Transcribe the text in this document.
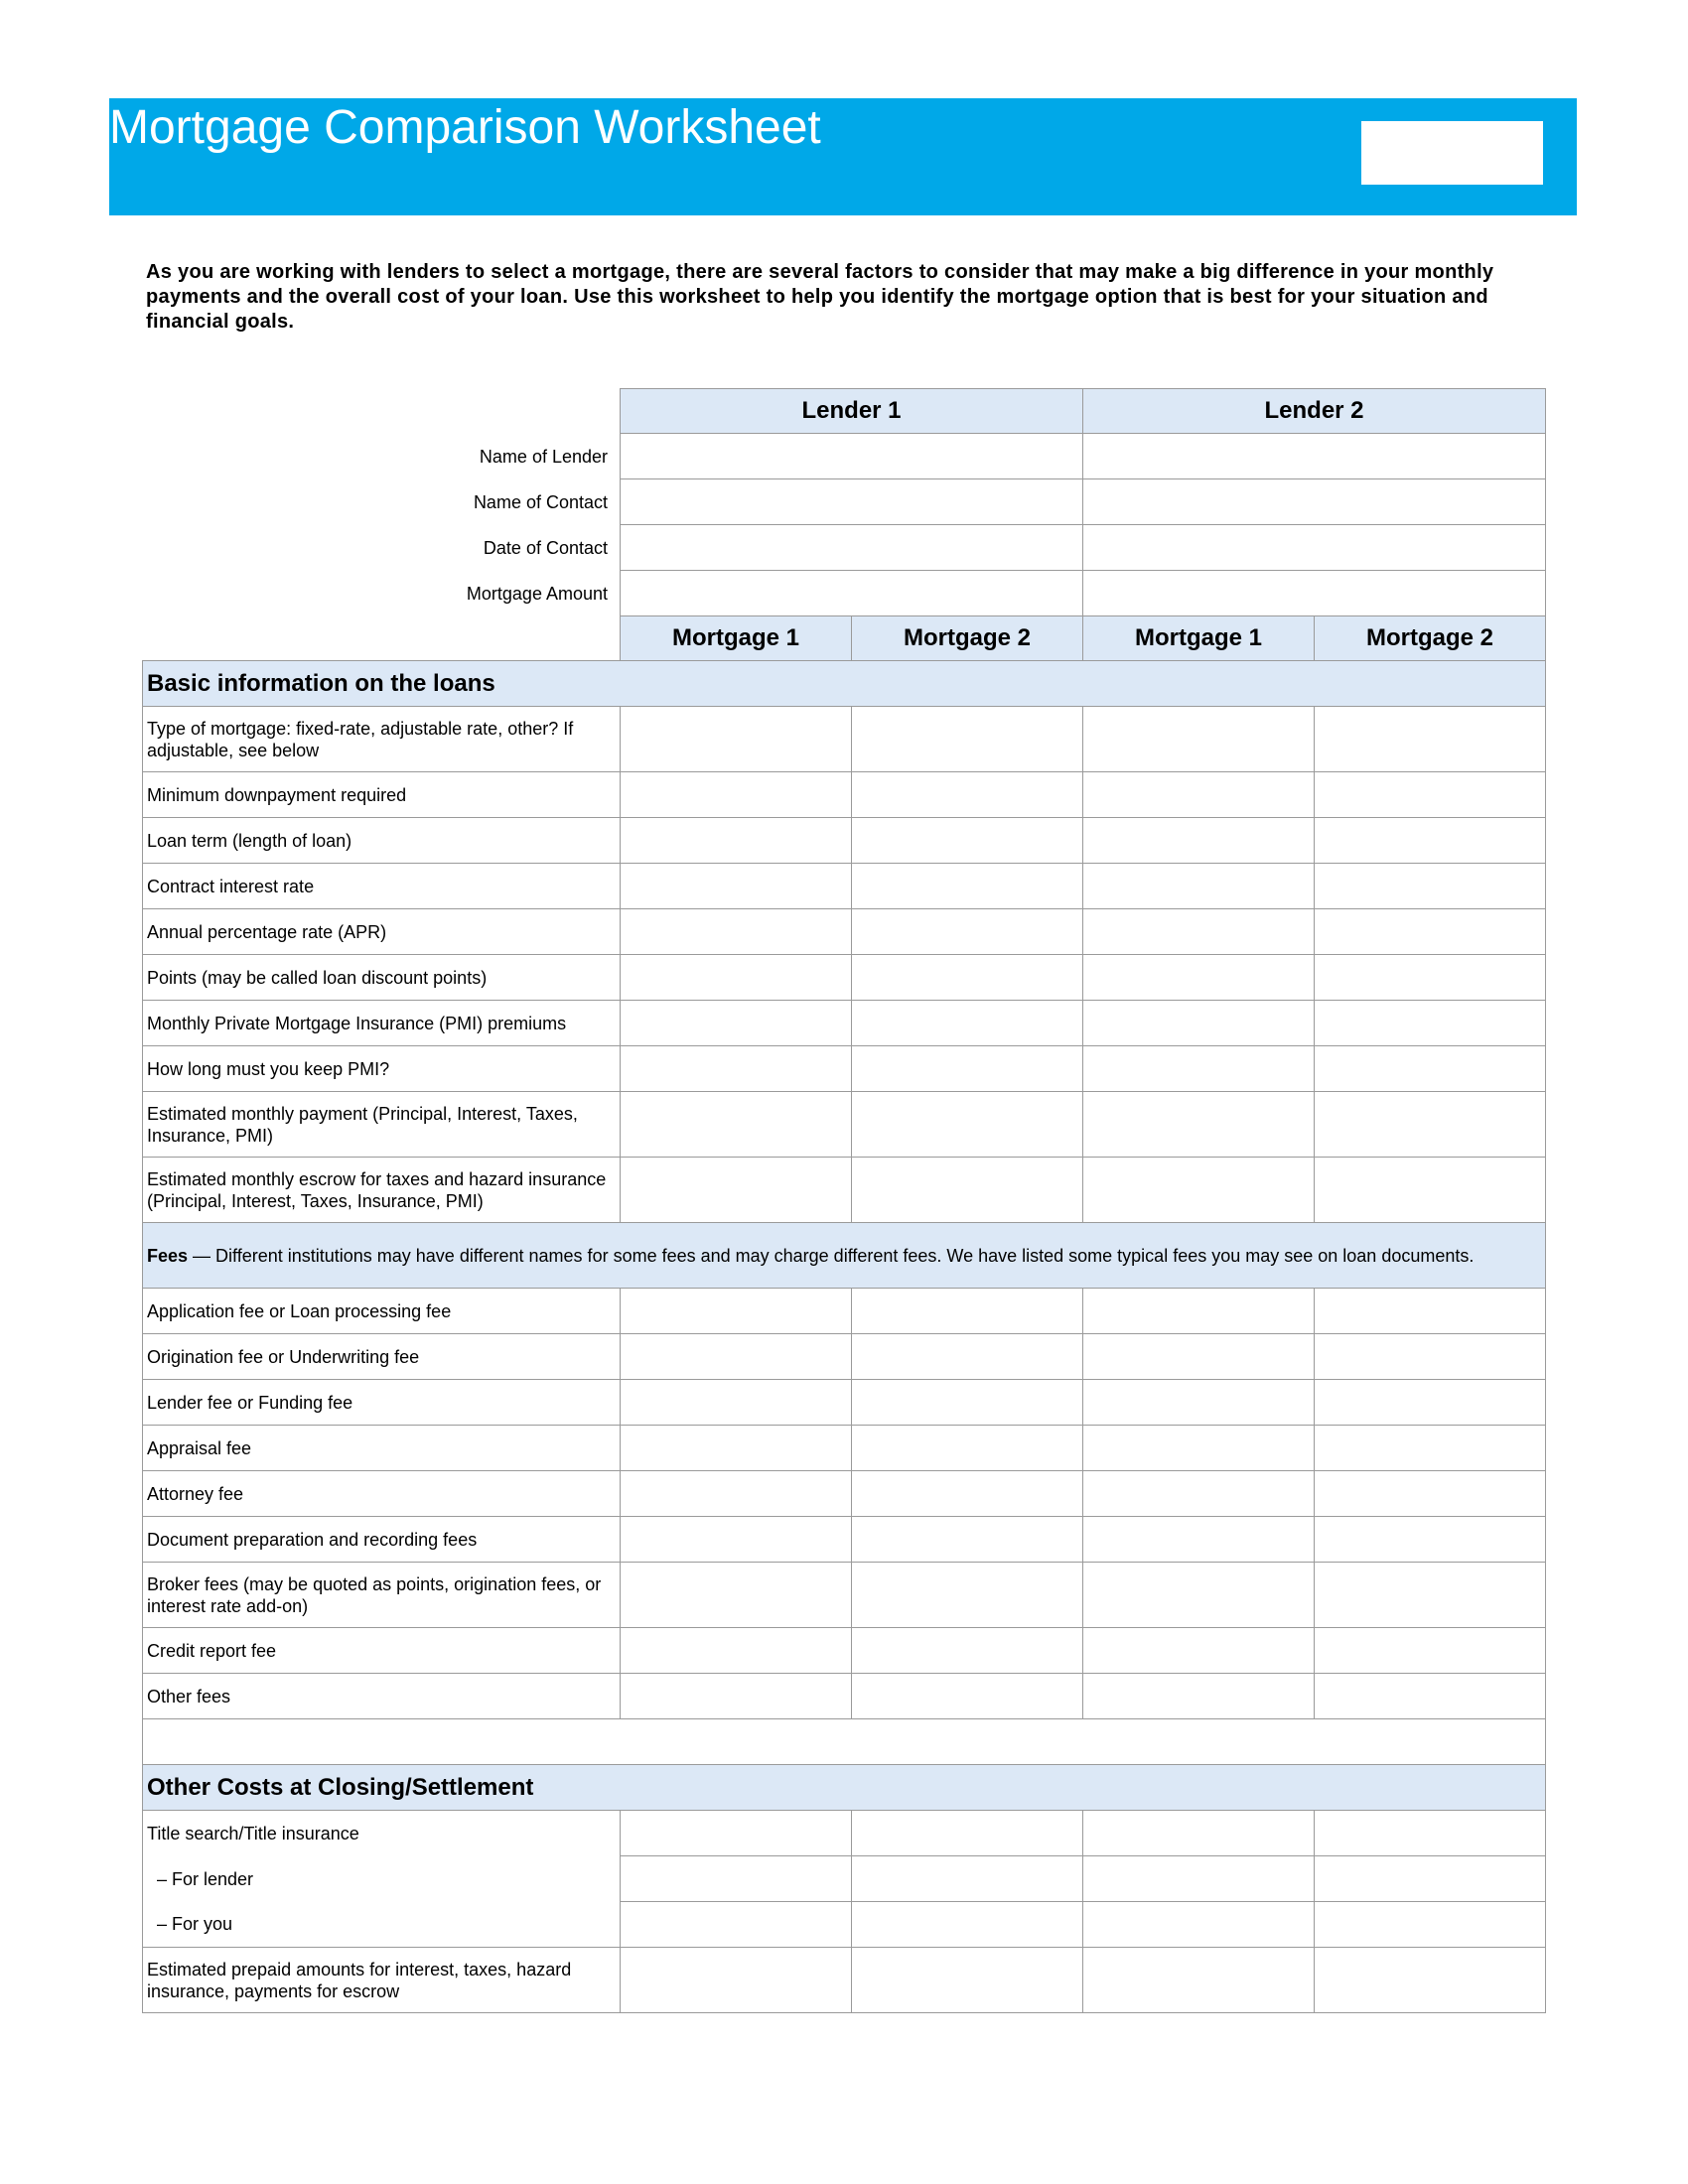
Mortgage Comparison Worksheet

As you are working with lenders to select a mortgage, there are several factors to consider that may make a big difference in your monthly payments and the overall cost of your loan. Use this worksheet to help you identify the mortgage option that is best for your situation and financial goals.

	Lender 1		Lender 2	
Name of Lender				
Name of Contact				
Date of Contact				
Mortgage Amount				
	Mortgage 1	Mortgage 2	Mortgage 1	Mortgage 2
Basic information on the loans				
Type of mortgage: fixed-rate, adjustable rate, other? If adjustable, see below				
Minimum downpayment required				
Loan term (length of loan)				
Contract interest rate				
Annual percentage rate (APR)				
Points (may be called loan discount points)				
Monthly Private Mortgage Insurance (PMI) premiums				
How long must you keep PMI?				
Estimated monthly payment (Principal, Interest, Taxes, Insurance, PMI)				
Estimated monthly escrow for taxes and hazard insurance (Principal, Interest, Taxes, Insurance, PMI)				
Fees — Different institutions may have different names for some fees and may charge different fees. We have listed some typical fees you may see on loan documents.				
Application fee or Loan processing fee				
Origination fee or Underwriting fee				
Lender fee or Funding fee				
Appraisal fee				
Attorney fee				
Document preparation and recording fees				
Broker fees (may be quoted as points, origination fees, or interest rate add-on)				
Credit report fee				
Other fees				

Other Costs at Closing/Settlement				
Title search/Title insurance				
– For lender				
– For you				
Estimated prepaid amounts for interest, taxes, hazard insurance, payments for escrow				
